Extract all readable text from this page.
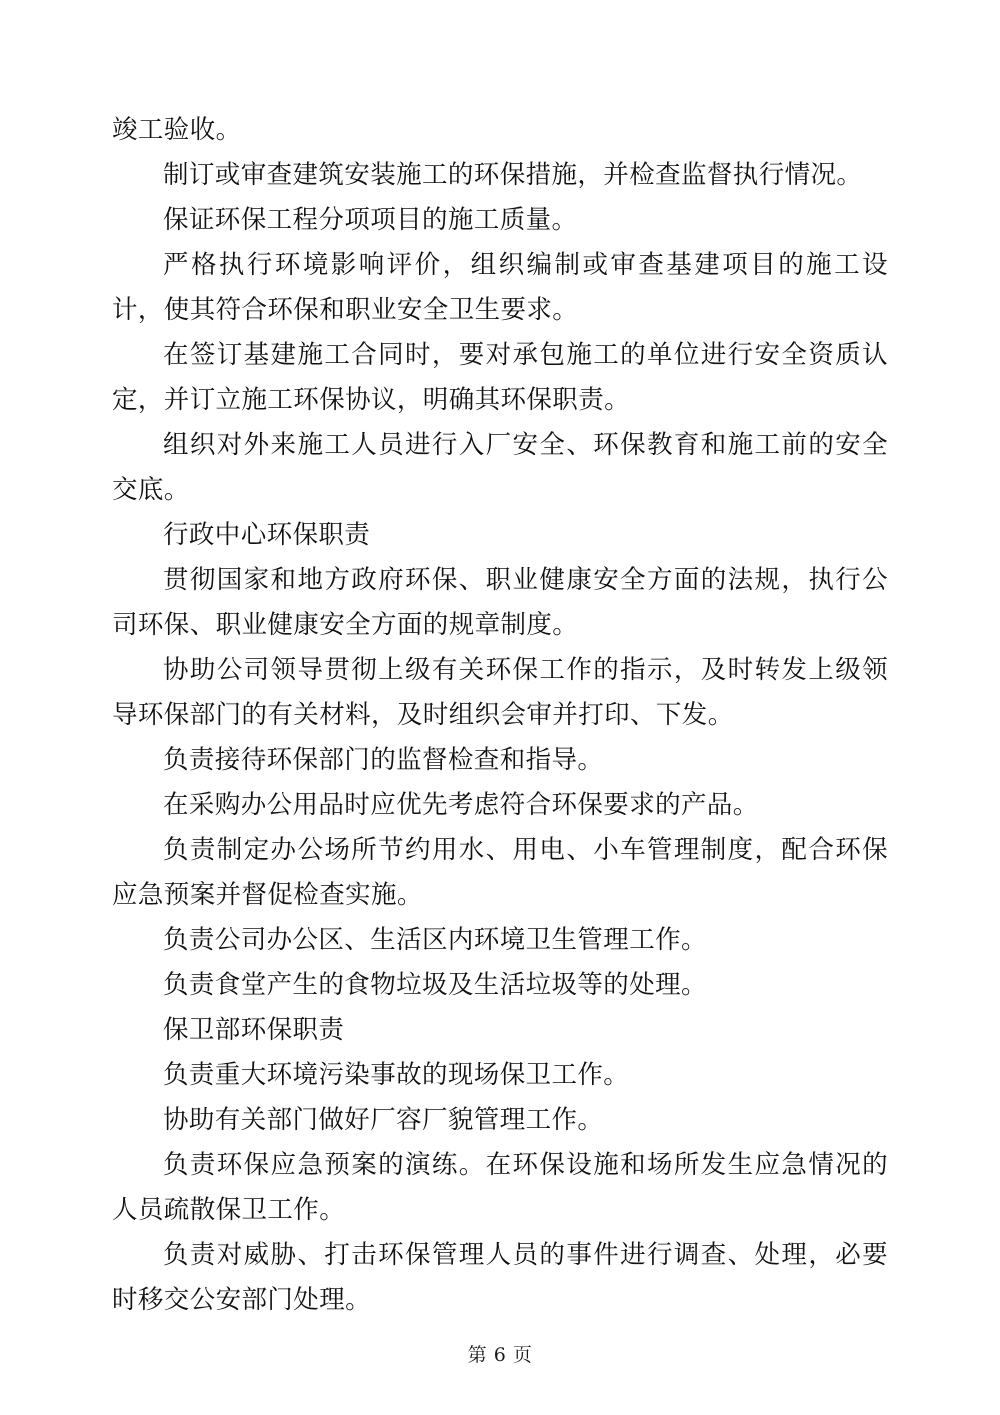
竣工验收。

制订或审查建筑安装施工的环保措施，并检查监督执行情况。

保证环保工程分项项目的施工质量。

严格执行环境影响评价，组织编制或审查基建项目的施工设计，使其符合环保和职业安全卫生要求。

在签订基建施工合同时，要对承包施工的单位进行安全资质认定，并订立施工环保协议，明确其环保职责。

组织对外来施工人员进行入厂安全、环保教育和施工前的安全交底。

行政中心环保职责

贯彻国家和地方政府环保、职业健康安全方面的法规，执行公司环保、职业健康安全方面的规章制度。

协助公司领导贯彻上级有关环保工作的指示，及时转发上级领导环保部门的有关材料，及时组织会审并打印、下发。

负责接待环保部门的监督检查和指导。

在采购办公用品时应优先考虑符合环保要求的产品。

负责制定办公场所节约用水、用电、小车管理制度，配合环保应急预案并督促检查实施。

负责公司办公区、生活区内环境卫生管理工作。

负责食堂产生的食物垃圾及生活垃圾等的处理。

保卫部环保职责

负责重大环境污染事故的现场保卫工作。

协助有关部门做好厂容厂貌管理工作。

负责环保应急预案的演练。在环保设施和场所发生应急情况的人员疏散保卫工作。

负责对威胁、打击环保管理人员的事件进行调查、处理，必要时移交公安部门处理。

第 6 页
